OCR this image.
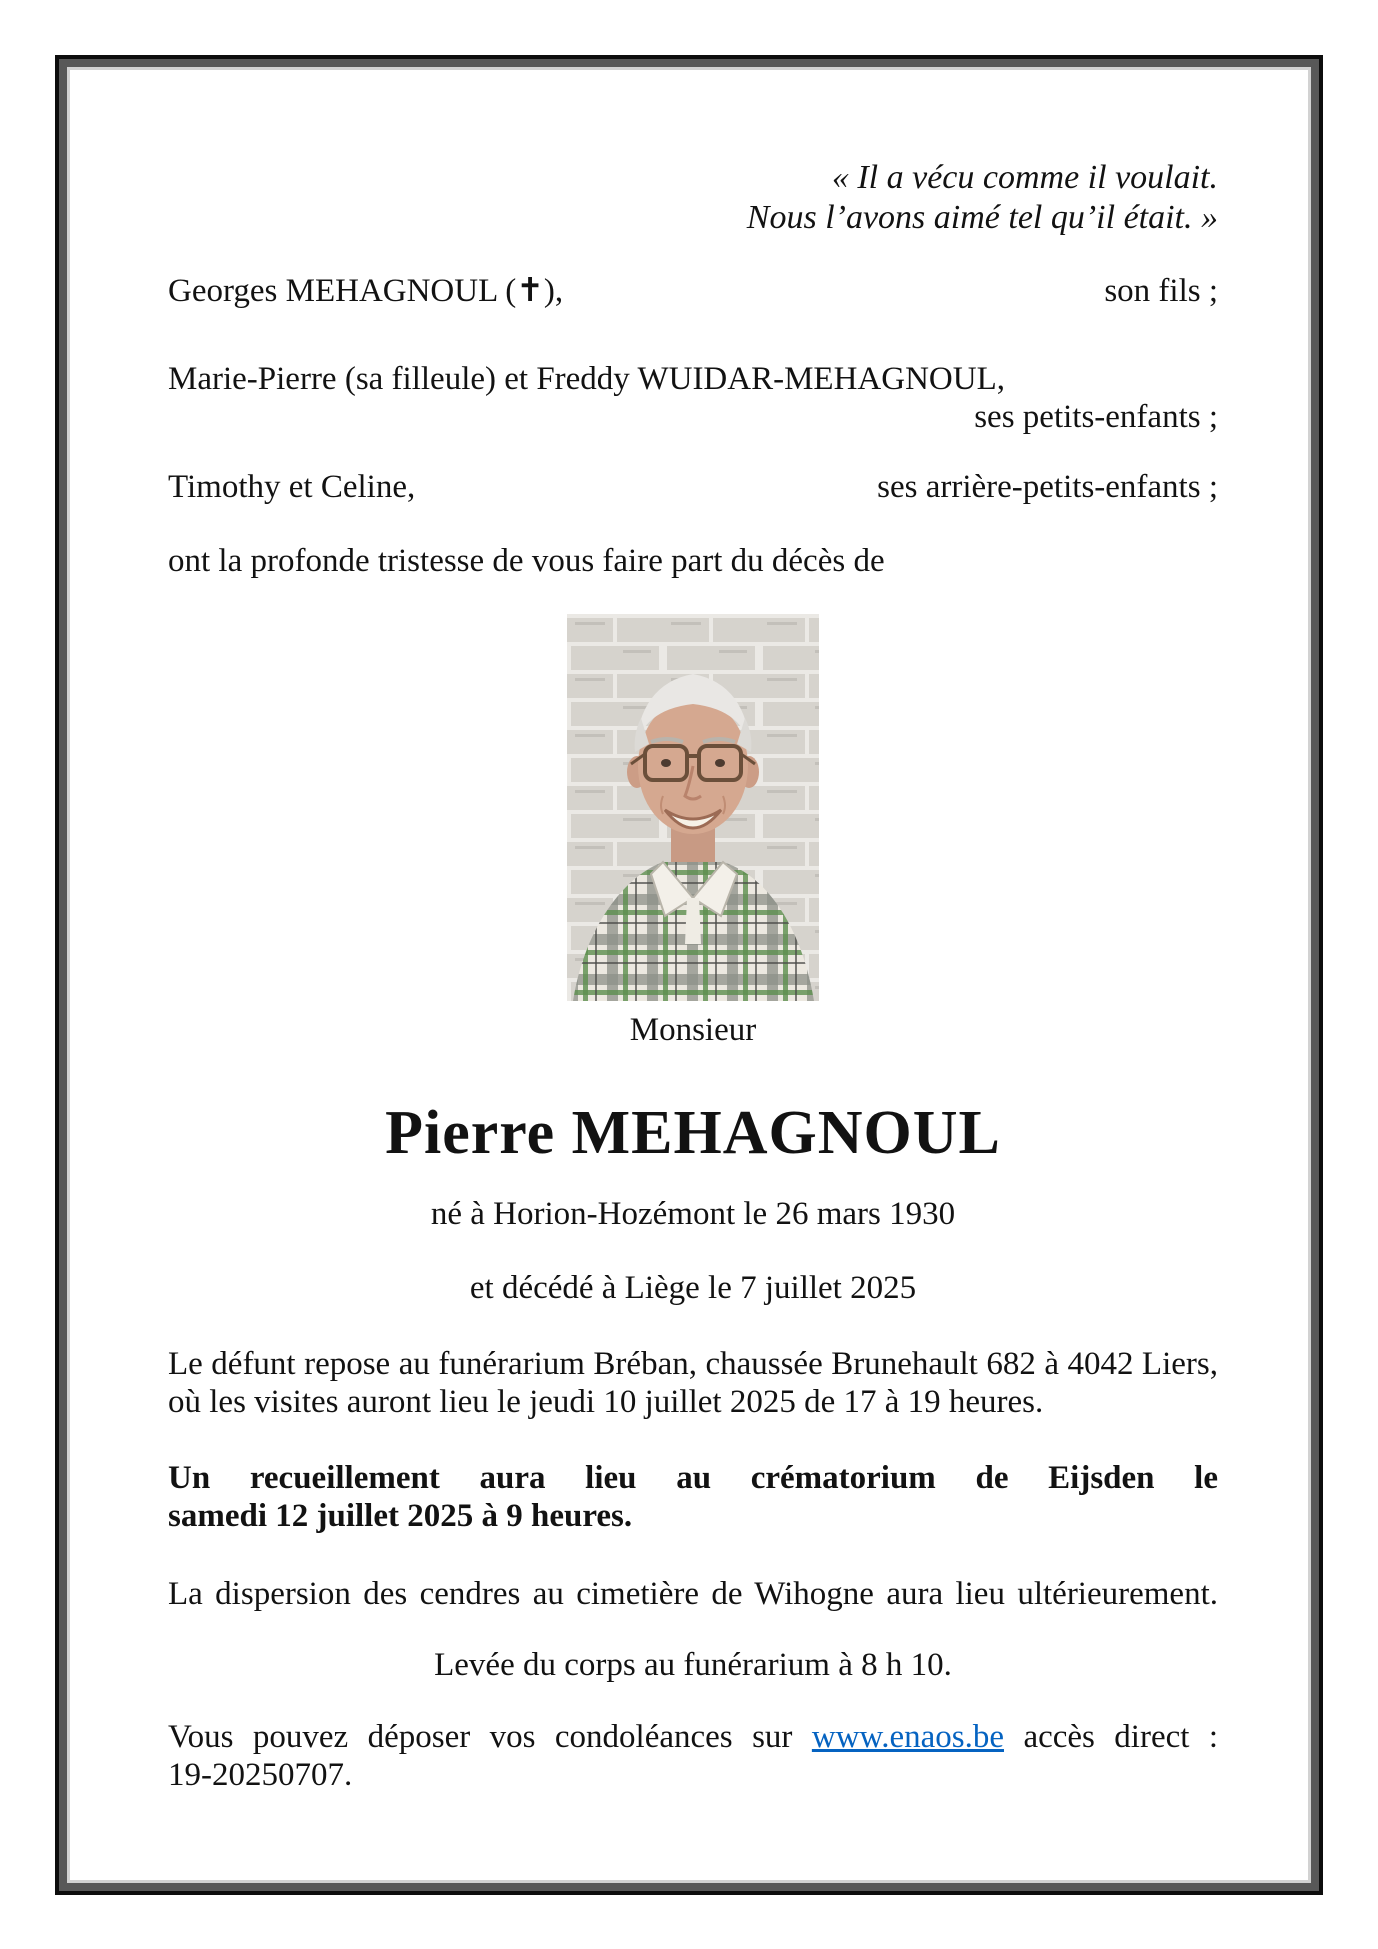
« Il a vécu comme il voulait.
Nous l’avons aimé tel qu’il était. »
Georges MEHAGNOUL (✝),	son fils ;
Marie-Pierre (sa filleule) et Freddy WUIDAR-MEHAGNOUL,
ses petits-enfants ;
Timothy et Celine,	ses arrière-petits-enfants ;
ont la profonde tristesse de vous faire part du décès de
Monsieur
Pierre MEHAGNOUL
né à Horion-Hozémont le 26 mars 1930
et décédé à Liège le 7 juillet 2025
Le défunt repose au funérarium Bréban, chaussée Brunehault 682 à 4042 Liers,
où les visites auront lieu le jeudi 10 juillet 2025 de 17 à 19 heures.
Un recueillement aura lieu au crématorium de Eijsden le
samedi 12 juillet 2025 à 9 heures.
La dispersion des cendres au cimetière de Wihogne aura lieu ultérieurement.
Levée du corps au funérarium à 8 h 10.
Vous pouvez déposer vos condoléances sur www.enaos.be accès direct :
19-20250707.
